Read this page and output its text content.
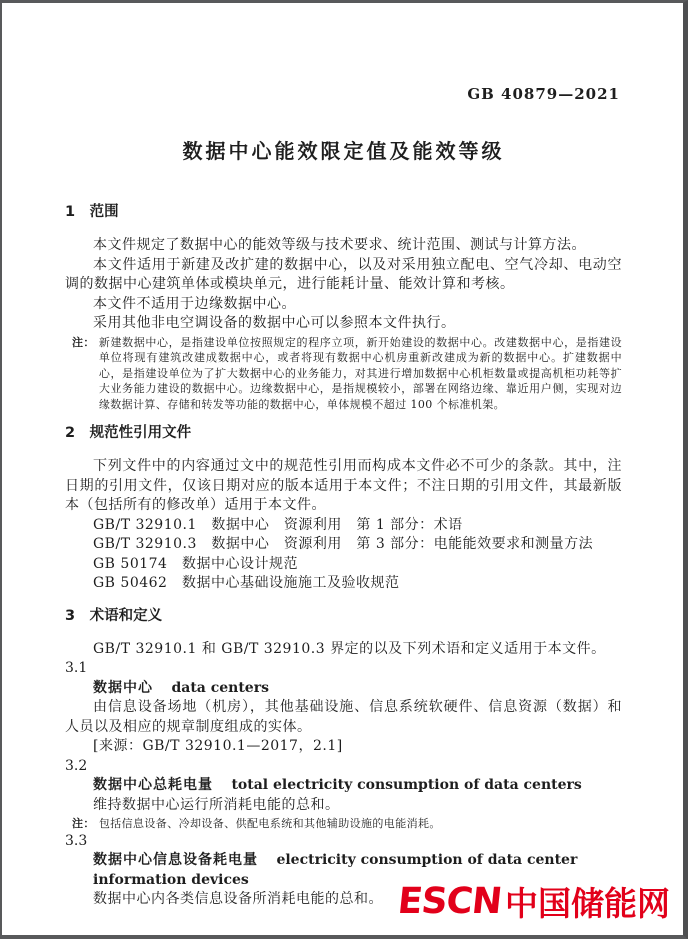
GB 40879—2021
数据中心能效限定值及能效等级
1　范围

本文件规定了数据中心的能效等级与技术要求、统计范围、测试与计算方法。

本文件适用于新建及改扩建的数据中心，以及对采用独立配电、空气冷却、电动空调的数据中心建筑单体或模块单元，进行能耗计量、能效计算和考核。

本文件不适用于边缘数据中心。

采用其他非电空调设备的数据中心可以参照本文件执行。

注： 新建数据中心，是指建设单位按照规定的程序立项，新开始建设的数据中心。改建数据中心，是指建设单位将现有建筑改建成数据中心，或者将现有数据中心机房重新改建成为新的数据中心。扩建数据中心，是指建设单位为了扩大数据中心的业务能力，对其进行增加数据中心机柜数量或提高机柜功耗等扩大业务能力建设的数据中心。边缘数据中心，是指规模较小，部署在网络边缘、靠近用户侧，实现对边缘数据计算、存储和转发等功能的数据中心，单体规模不超过 100 个标准机架。
2　规范性引用文件

下列文件中的内容通过文中的规范性引用而构成本文件必不可少的条款。其中，注日期的引用文件，仅该日期对应的版本适用于本文件；不注日期的引用文件，其最新版本（包括所有的修改单）适用于本文件。

GB/T 32910.1　数据中心　资源利用　第 1 部分：术语
GB/T 32910.3　数据中心　资源利用　第 3 部分：电能能效要求和测量方法
GB 50174　数据中心设计规范
GB 50462　数据中心基础设施施工及验收规范
3　术语和定义

GB/T 32910.1 和 GB/T 32910.3 界定的以及下列术语和定义适用于本文件。

3.1

数据中心 data centers

由信息设备场地（机房），其他基础设施、信息系统软硬件、信息资源（数据）和人员以及相应的规章制度组成的实体。

[来源：GB/T 32910.1—2017，2.1]

3.2

数据中心总耗电量 total electricity consumption of data centers

维持数据中心运行所消耗电能的总和。

注： 包括信息设备、冷却设备、供配电系统和其他辅助设施的电能消耗。

3.3

数据中心信息设备耗电量 electricity consumption of data center information devices

数据中心内各类信息设备所消耗电能的总和。 ESCN 中国储能网
